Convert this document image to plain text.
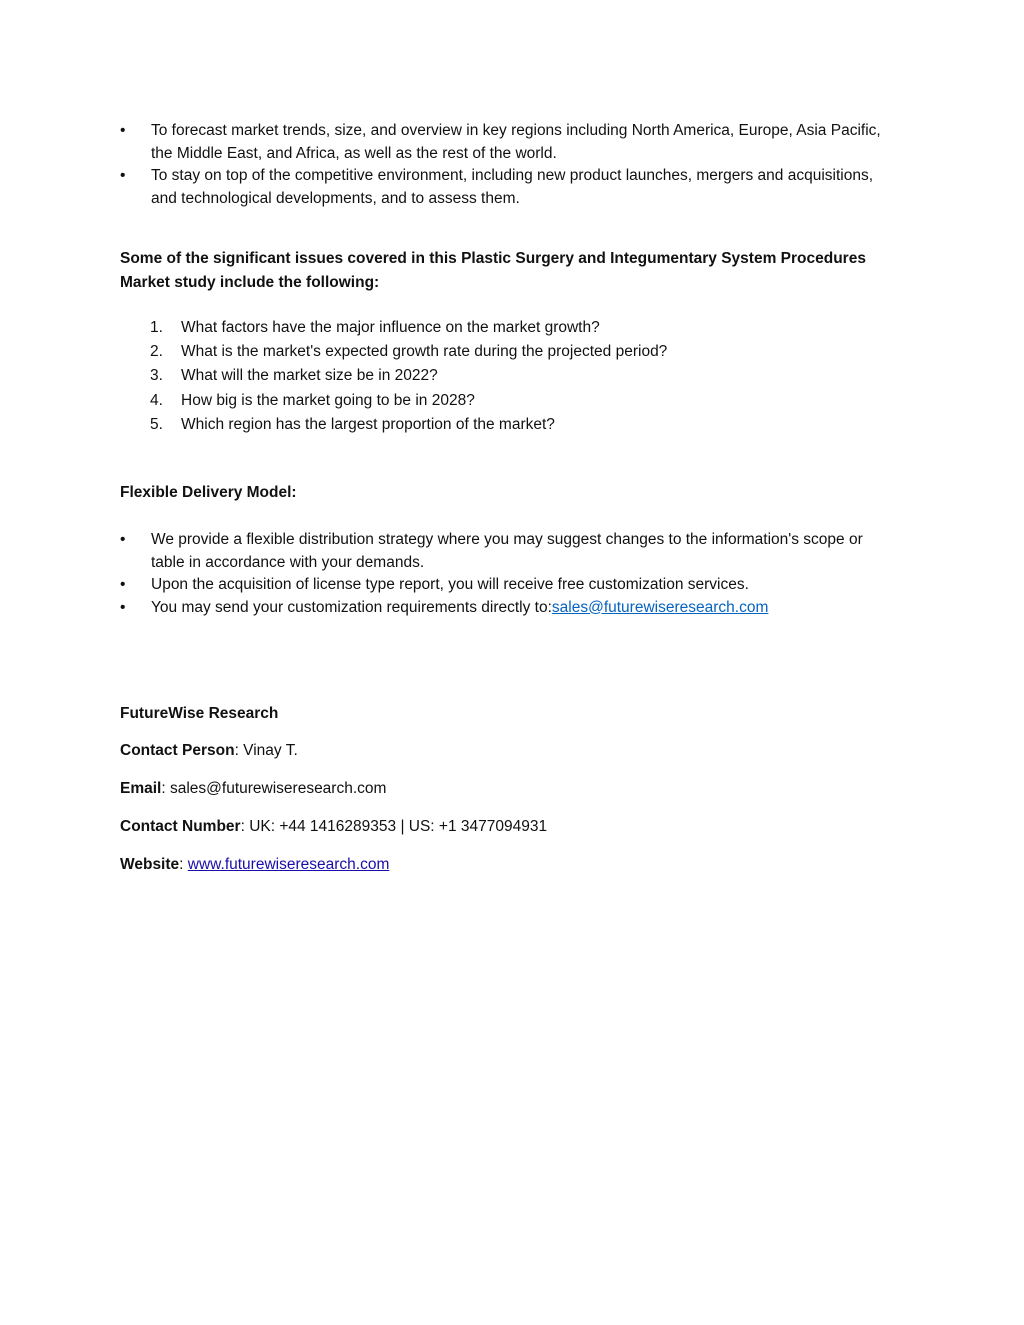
• To forecast market trends, size, and overview in key regions including North America, Europe, Asia Pacific, the Middle East, and Africa, as well as the rest of the world.
• To stay on top of the competitive environment, including new product launches, mergers and acquisitions, and technological developments, and to assess them.

Some of the significant issues covered in this Plastic Surgery and Integumentary System Procedures Market study include the following:

1. What factors have the major influence on the market growth?
2. What is the market's expected growth rate during the projected period?
3. What will the market size be in 2022?
4. How big is the market going to be in 2028?
5. Which region has the largest proportion of the market?

Flexible Delivery Model:

• We provide a flexible distribution strategy where you may suggest changes to the information's scope or table in accordance with your demands.
• Upon the acquisition of license type report, you will receive free customization services.
• You may send your customization requirements directly to:sales@futurewiseresearch.com

FutureWise Research

Contact Person: Vinay T.

Email: sales@futurewiseresearch.com

Contact Number: UK: +44 1416289353 | US: +1 3477094931

Website: www.futurewiseresearch.com
